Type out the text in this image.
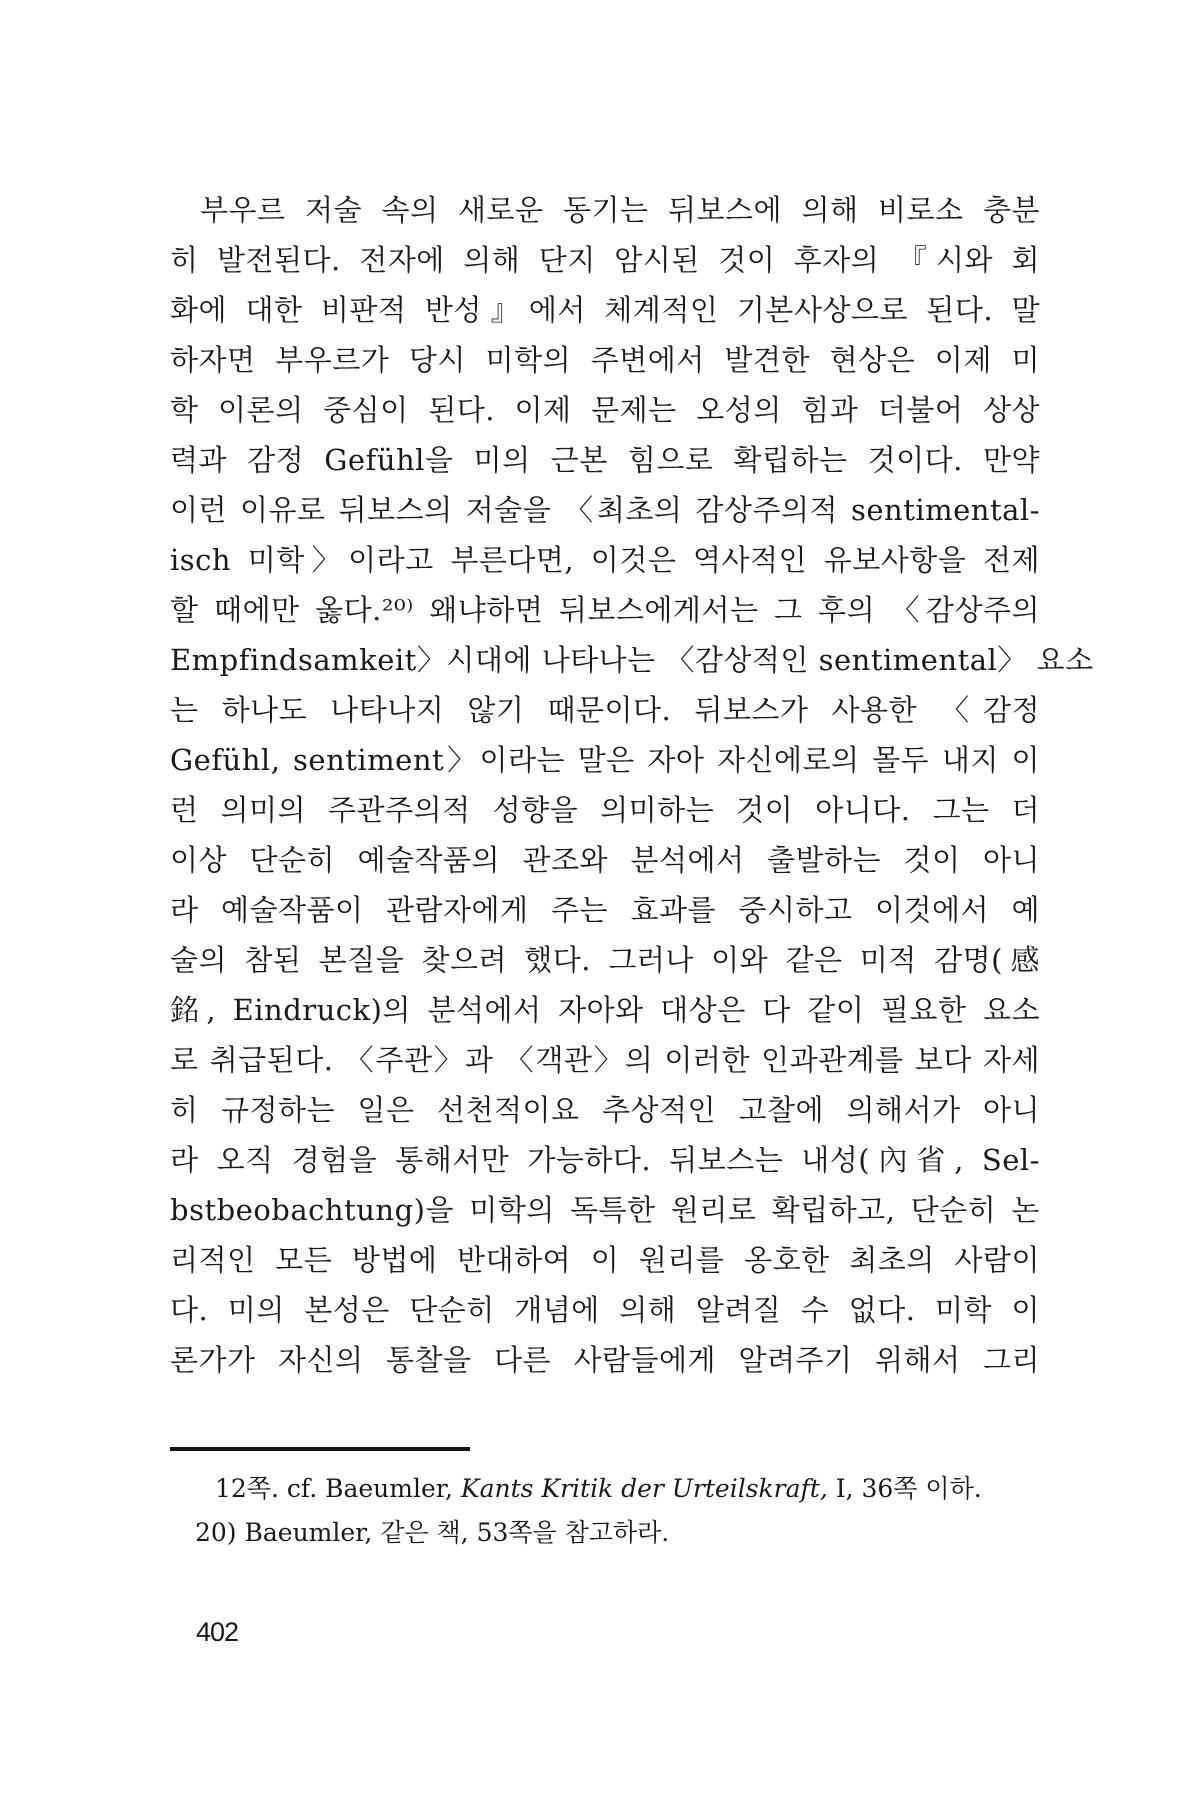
부우르 저술 속의 새로운 동기는 뒤보스에 의해 비로소 충분
히 발전된다. 전자에 의해 단지 암시된 것이 후자의 『시와 회
화에 대한 비판적 반성』에서 체계적인 기본사상으로 된다. 말
하자면 부우르가 당시 미학의 주변에서 발견한 현상은 이제 미
학 이론의 중심이 된다. 이제 문제는 오성의 힘과 더불어 상상
력과 감정 Gefühl을 미의 근본 힘으로 확립하는 것이다. 만약
이런 이유로 뒤보스의 저술을 〈최초의 감상주의적 sentimental-
isch 미학〉이라고 부른다면, 이것은 역사적인 유보사항을 전제
할 때에만 옳다.²⁰⁾ 왜냐하면 뒤보스에게서는 그 후의 〈감상주의
Empfindsamkeit〉시대에 나타나는 〈감상적인 sentimental〉 요소
는 하나도 나타나지 않기 때문이다. 뒤보스가 사용한 〈감정
Gefühl, sentiment〉이라는 말은 자아 자신에로의 몰두 내지 이
런 의미의 주관주의적 성향을 의미하는 것이 아니다. 그는 더
이상 단순히 예술작품의 관조와 분석에서 출발하는 것이 아니
라 예술작품이 관람자에게 주는 효과를 중시하고 이것에서 예
술의 참된 본질을 찾으려 했다. 그러나 이와 같은 미적 감명(感
銘, Eindruck)의 분석에서 자아와 대상은 다 같이 필요한 요소
로 취급된다. 〈주관〉과 〈객관〉의 이러한 인과관계를 보다 자세
히 규정하는 일은 선천적이요 추상적인 고찰에 의해서가 아니
라 오직 경험을 통해서만 가능하다. 뒤보스는 내성(內省, Sel-
bstbeobachtung)을 미학의 독특한 원리로 확립하고, 단순히 논
리적인 모든 방법에 반대하여 이 원리를 옹호한 최초의 사람이
다. 미의 본성은 단순히 개념에 의해 알려질 수 없다. 미학 이
론가가 자신의 통찰을 다른 사람들에게 알려주기 위해서 그리
12쪽. cf. Baeumler, Kants Kritik der Urteilskraft, I, 36쪽 이하.
20) Baeumler, 같은 책, 53쪽을 참고하라.
402
